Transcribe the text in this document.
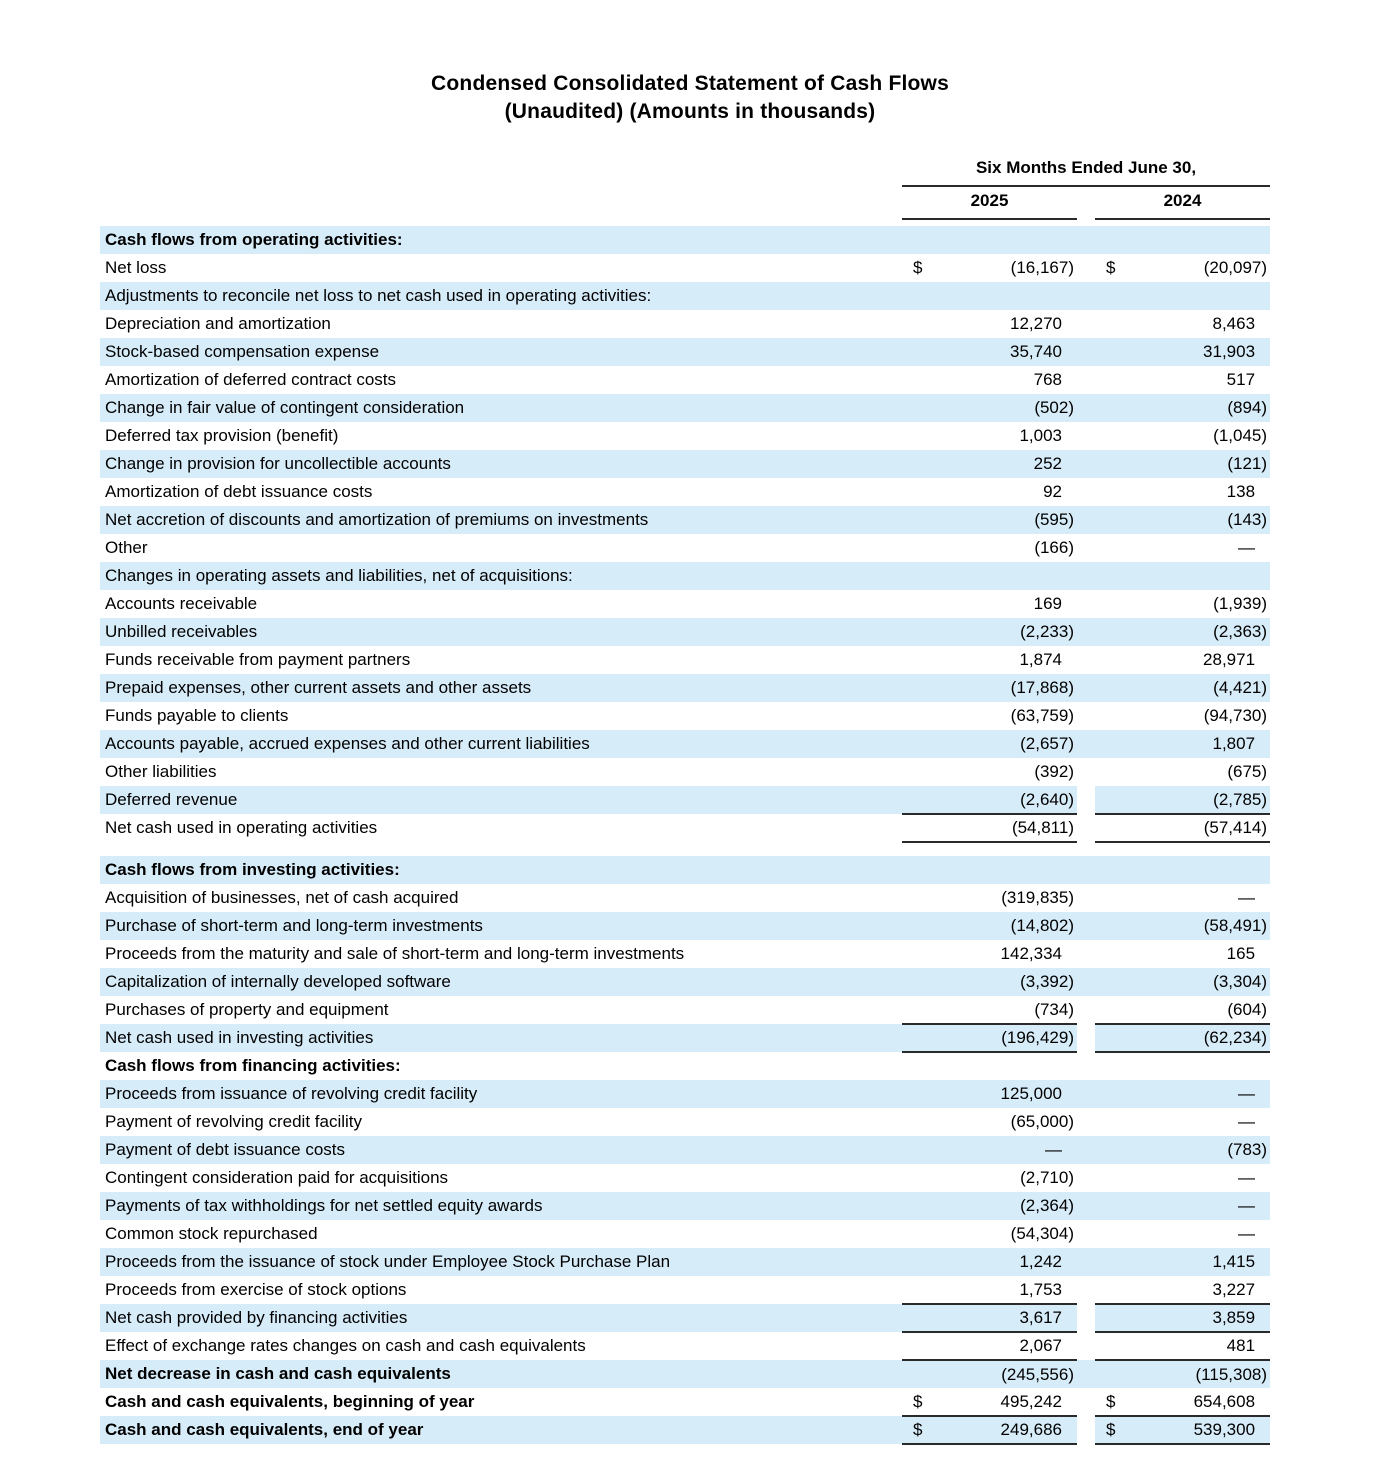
Condensed Consolidated Statement of Cash Flows
(Unaudited) (Amounts in thousands)
	Six Months Ended June 30,		
	2025		2024

Cash flows from operating activities:			
Net loss	$ (16,167)		$ (20,097)
Adjustments to reconcile net loss to net cash used in operating activities:			
Depreciation and amortization	12,270		8,463
Stock-based compensation expense	35,740		31,903
Amortization of deferred contract costs	768		517
Change in fair value of contingent consideration	(502)		(894)
Deferred tax provision (benefit)	1,003		(1,045)
Change in provision for uncollectible accounts	252		(121)
Amortization of debt issuance costs	92		138
Net accretion of discounts and amortization of premiums on investments	(595)		(143)
Other	(166)		—
Changes in operating assets and liabilities, net of acquisitions:			
Accounts receivable	169		(1,939)
Unbilled receivables	(2,233)		(2,363)
Funds receivable from payment partners	1,874		28,971
Prepaid expenses, other current assets and other assets	(17,868)		(4,421)
Funds payable to clients	(63,759)		(94,730)
Accounts payable, accrued expenses and other current liabilities	(2,657)		1,807
Other liabilities	(392)		(675)
Deferred revenue	(2,640)		(2,785)
Net cash used in operating activities	(54,811)		(57,414)

Cash flows from investing activities:			
Acquisition of businesses, net of cash acquired	(319,835)		—
Purchase of short-term and long-term investments	(14,802)		(58,491)
Proceeds from the maturity and sale of short-term and long-term investments	142,334		165
Capitalization of internally developed software	(3,392)		(3,304)
Purchases of property and equipment	(734)		(604)
Net cash used in investing activities	(196,429)		(62,234)
Cash flows from financing activities:			
Proceeds from issuance of revolving credit facility	125,000		—
Payment of revolving credit facility	(65,000)		—
Payment of debt issuance costs	—		(783)
Contingent consideration paid for acquisitions	(2,710)		—
Payments of tax withholdings for net settled equity awards	(2,364)		—
Common stock repurchased	(54,304)		—
Proceeds from the issuance of stock under Employee Stock Purchase Plan	1,242		1,415
Proceeds from exercise of stock options	1,753		3,227
Net cash provided by financing activities	3,617		3,859
Effect of exchange rates changes on cash and cash equivalents	2,067		481
Net decrease in cash and cash equivalents	(245,556)		(115,308)
Cash and cash equivalents, beginning of year	$ 495,242		$ 654,608
Cash and cash equivalents, end of year	$ 249,686		$ 539,300
